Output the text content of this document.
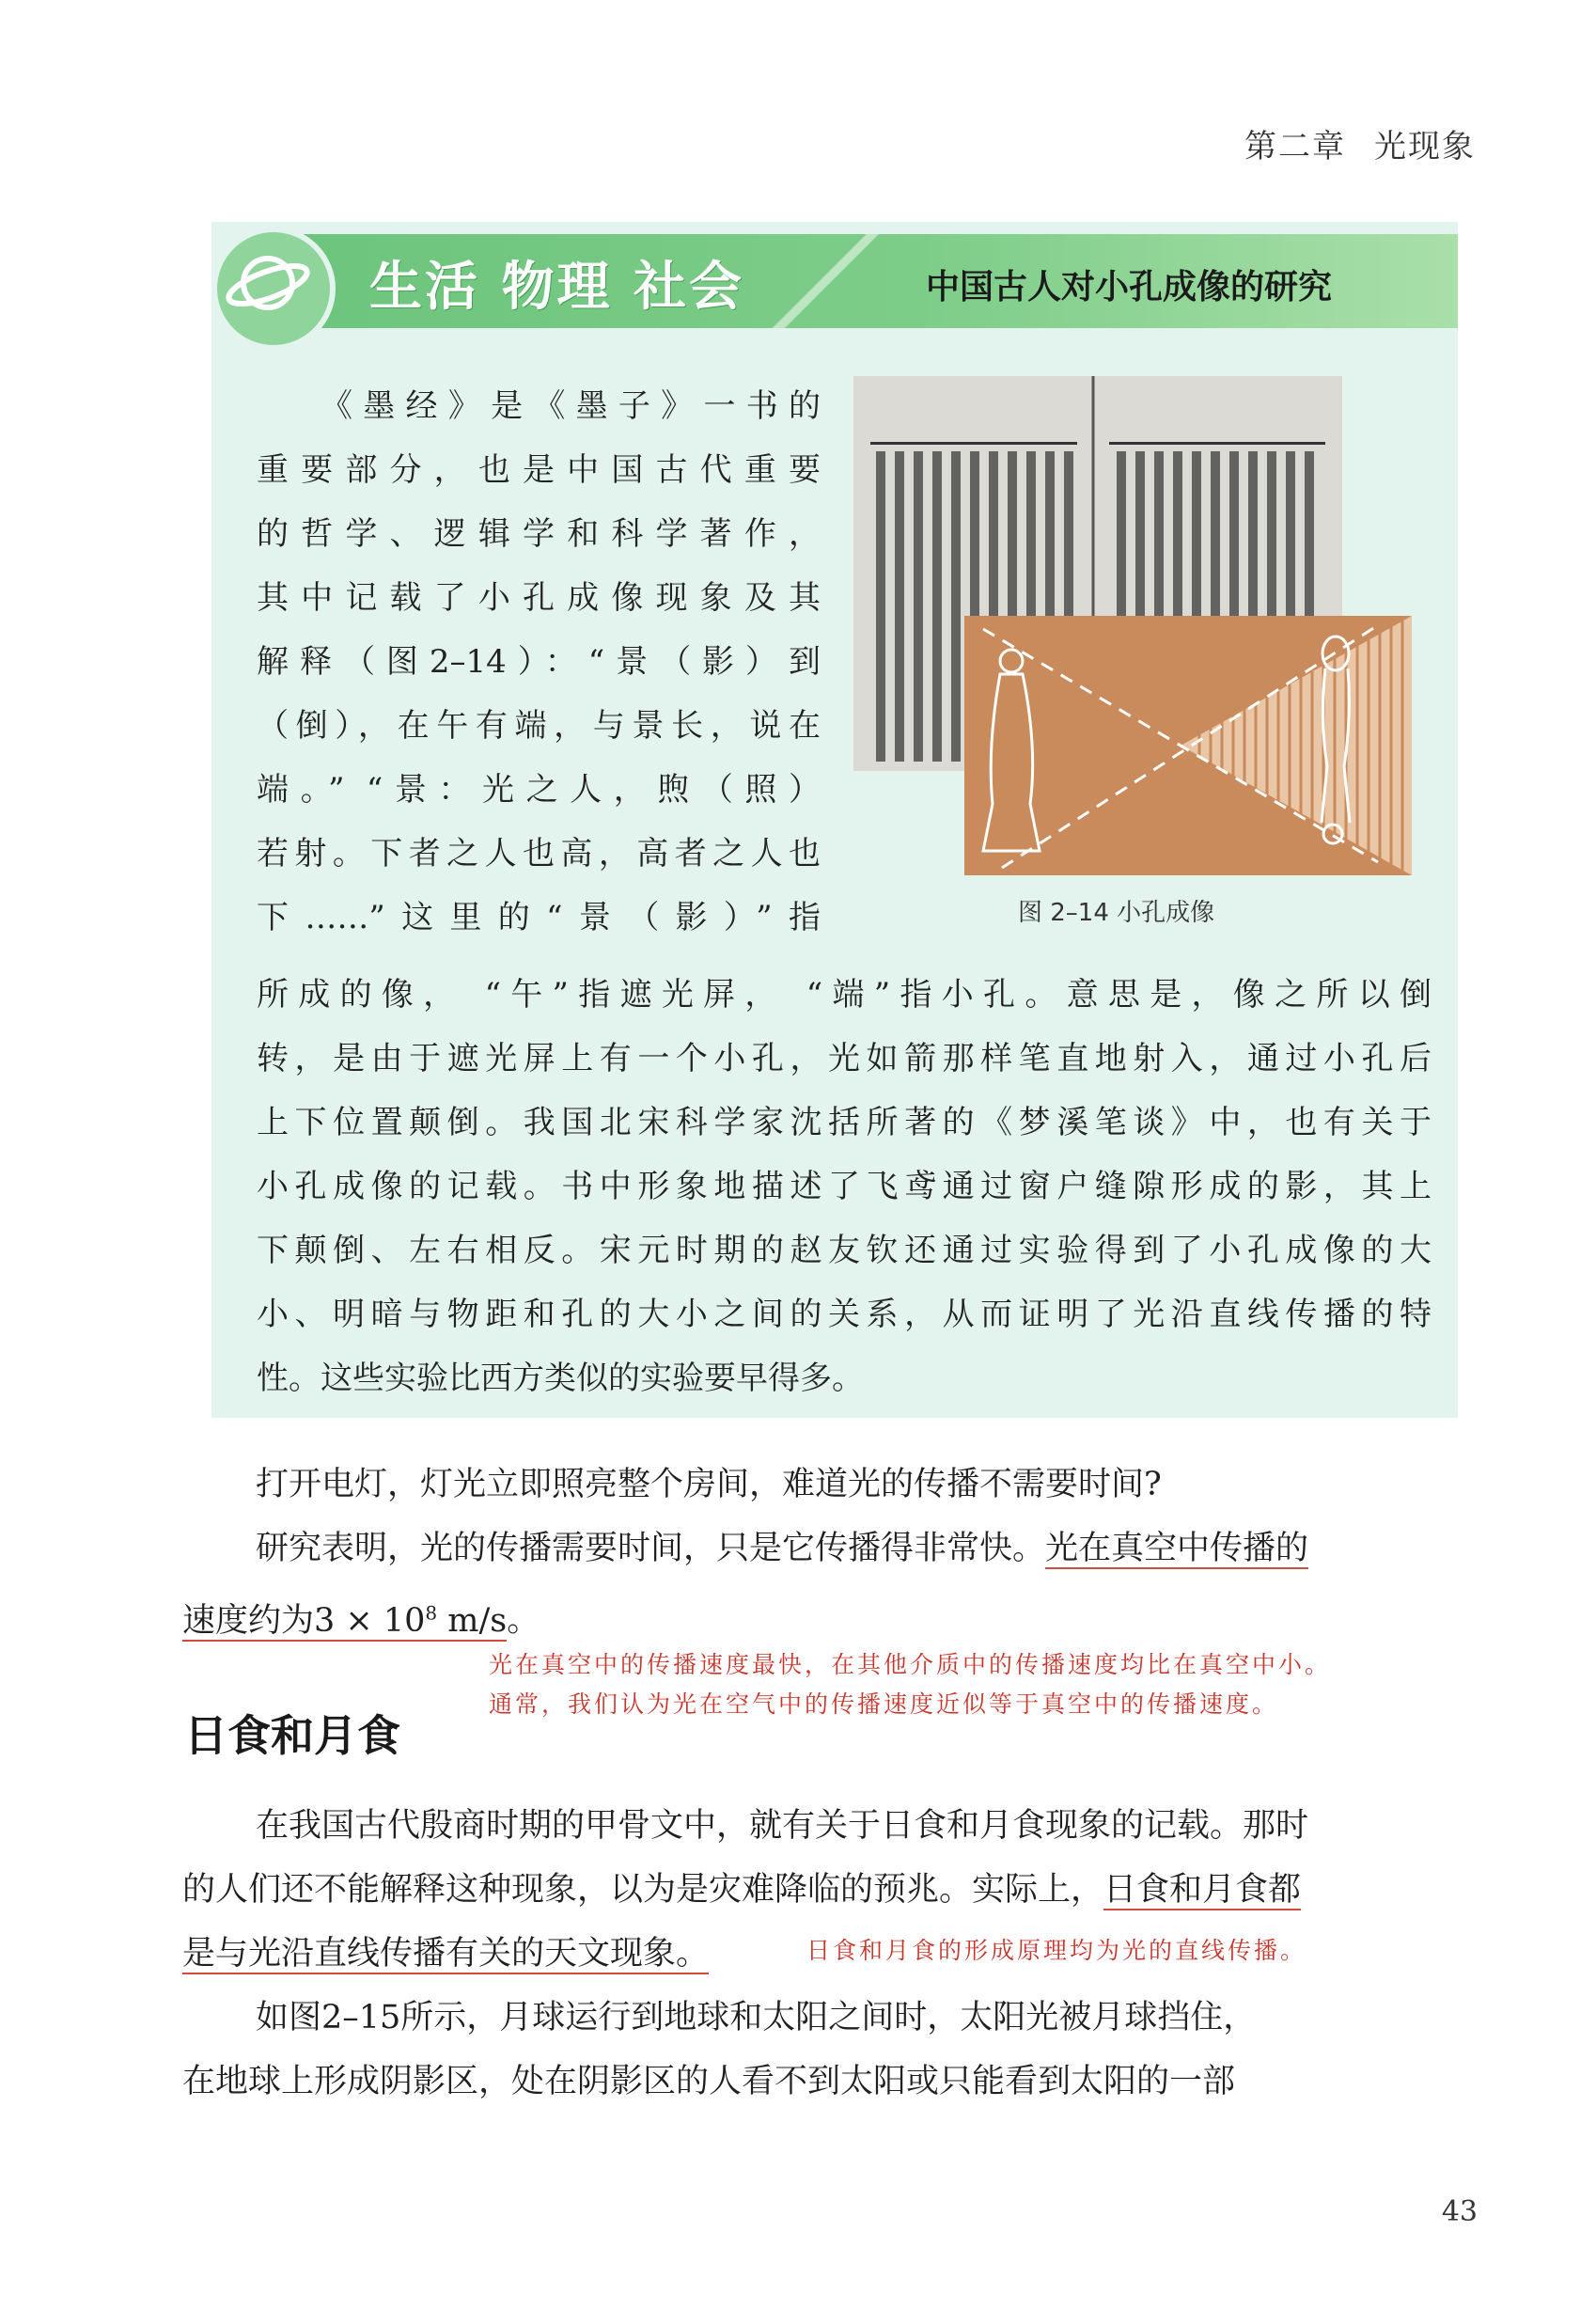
第二章 光现象
生活 物理 社会	中国古人对小孔成像的研究

《墨经》是《墨子》一书的

重要部分，也是中国古代重要

的哲学、逻辑学和科学著作，

其中记载了小孔成像现象及其

解释（图2–14）：“景（影）到

（倒），在午有端，与景长，说在

端。” “景：光之人，煦（照）

若射。下者之人也高，高者之人也

下……”这里的“景（影）”指	图 2–14 小孔成像

所成的像， “午”指遮光屏， “端”指小孔。意思是，像之所以倒

转，是由于遮光屏上有一个小孔，光如箭那样笔直地射入，通过小孔后

上下位置颠倒。我国北宋科学家沈括所著的《梦溪笔谈》中，也有关于

小孔成像的记载。书中形象地描述了飞鸢通过窗户缝隙形成的影，其上

下颠倒、左右相反。宋元时期的赵友钦还通过实验得到了小孔成像的大

小、明暗与物距和孔的大小之间的关系，从而证明了光沿直线传播的特

性。这些实验比西方类似的实验要早得多。

打开电灯，灯光立即照亮整个房间，难道光的传播不需要时间?

研究表明，光的传播需要时间，只是它传播得非常快。光在真空中传播的

速度约为$3 \times 10^8$ m/s。

光在真空中的传播速度最快，在其他介质中的传播速度均比在真空中小。
通常，我们认为光在空气中的传播速度近似等于真空中的传播速度。
日食和月食

在我国古代殷商时期的甲骨文中，就有关于日食和月食现象的记载。那时

的人们还不能解释这种现象，以为是灾难降临的预兆。实际上，日食和月食都

是与光沿直线传播有关的天文现象。

如图2–15所示，月球运行到地球和太阳之间时，太阳光被月球挡住，

在地球上形成阴影区，处在阴影区的人看不到太阳或只能看到太阳的一部

日食和月食的形成原理均为光的直线传播。
43
